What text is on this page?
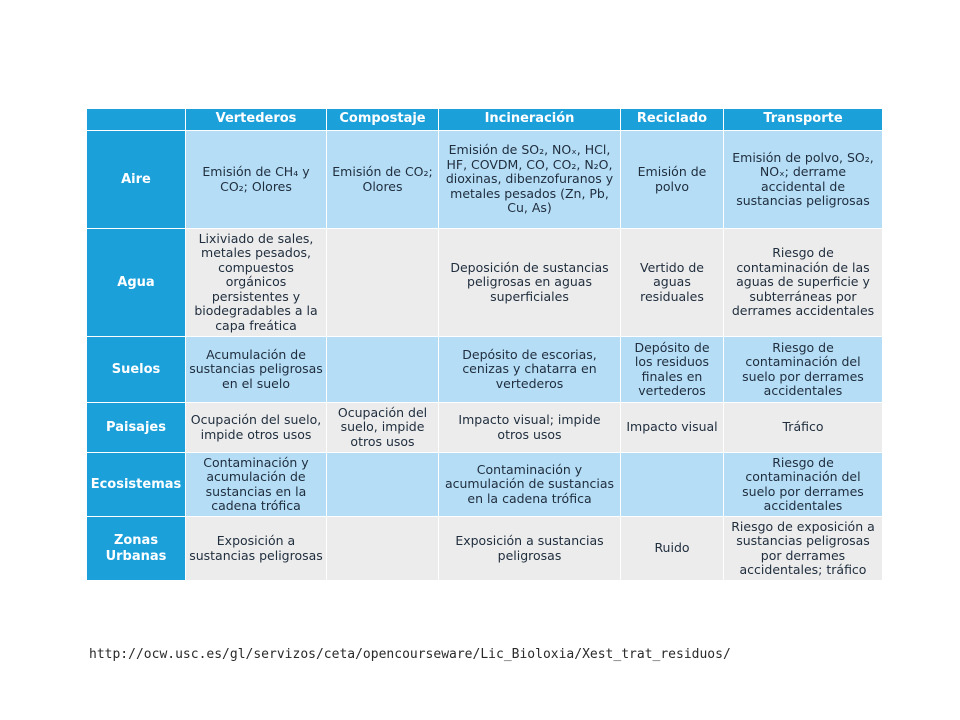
	Vertederos	Compostaje	Incineración	Reciclado	Transporte
Aire	Emisión de CH₄ y CO₂; Olores	Emisión de CO₂; Olores	Emisión de SO₂, NOₓ, HCl, HF, COVDM, CO, CO₂, N₂O, dioxinas, dibenzofuranos y metales pesados (Zn, Pb, Cu, As)	Emisión de polvo	Emisión de polvo, SO₂, NOₓ; derrame accidental de sustancias peligrosas
Agua	Lixiviado de sales, metales pesados, compuestos orgánicos persistentes y biodegradables a la capa freática		Deposición de sustancias peligrosas en aguas superficiales	Vertido de aguas residuales	Riesgo de contaminación de las aguas de superficie y subterráneas por derrames accidentales
Suelos	Acumulación de sustancias peligrosas en el suelo		Depósito de escorias, cenizas y chatarra en vertederos	Depósito de los residuos finales en vertederos	Riesgo de contaminación del suelo por derrames accidentales
Paisajes	Ocupación del suelo, impide otros usos	Ocupación del suelo, impide otros usos	Impacto visual; impide otros usos	Impacto visual	Tráfico
Ecosistemas	Contaminación y acumulación de sustancias en la cadena trófica		Contaminación y acumulación de sustancias en la cadena trófica		Riesgo de contaminación del suelo por derrames accidentales
Zonas Urbanas	Exposición a sustancias peligrosas		Exposición a sustancias peligrosas	Ruido	Riesgo de exposición a sustancias peligrosas por derrames accidentales; tráfico
http://ocw.usc.es/gl/servizos/ceta/opencourseware/Lic_Bioloxia/Xest_trat_residuos/
